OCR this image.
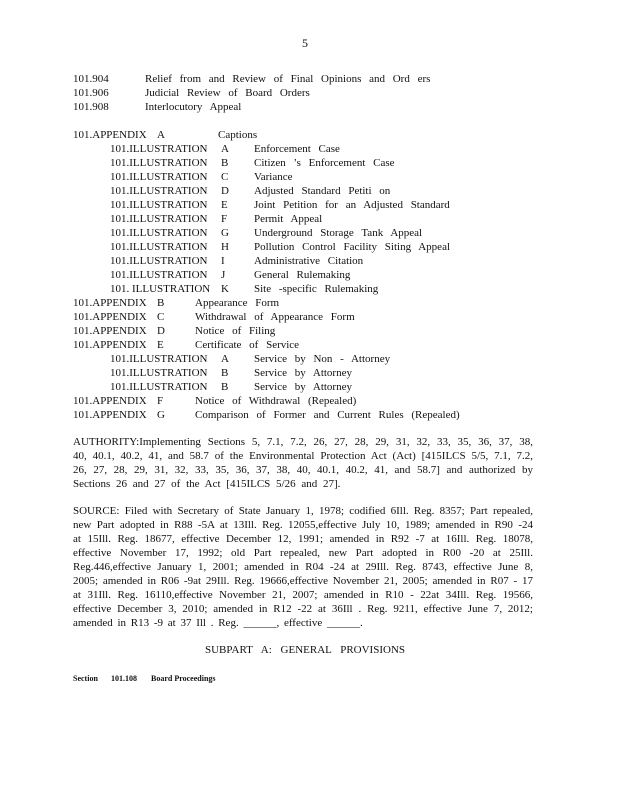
5
101.904	Relief from and Review of Final Opinions and Ord ers
101.906	Judicial Review of Board Orders
101.908	Interlocutory Appeal
101.APPENDIX A	Captions
101.ILLUSTRATION A Enforcement Case
101.ILLUSTRATION B Citizen ’s Enforcement Case
101.ILLUSTRATION C Variance
101.ILLUSTRATION D Adjusted Standard Petiti on
101.ILLUSTRATION E Joint Petition for an Adjusted Standard
101.ILLUSTRATION F Permit Appeal
101.ILLUSTRATION G Underground Storage Tank Appeal
101.ILLUSTRATION H Pollution Control Facility Siting Appeal
101.ILLUSTRATION I	Administrative Citation
101.ILLUSTRATION J	General Rulemaking
101. ILLUSTRATION K Site -specific Rulemaking
101.APPENDIX B	Appearance Form
101.APPENDIX C	Withdrawal of Appearance Form
101.APPENDIX D	Notice of Filing
101.APPENDIX E	Certificate of Service
101.ILLUSTRATION A Service by Non - Attorney
101.ILLUSTRATION B Service by Attorney
101.ILLUSTRATION B Service by Attorney
101.APPENDIX F	Notice of Withdrawal (Repealed)
101.APPENDIX G	Comparison of Former and Current Rules (Repealed)
AUTHORITY:Implementing Sections 5, 7.1, 7.2, 26, 27, 28, 29, 31, 32, 33, 35, 36, 37, 38, 40, 40.1, 40.2, 41, and 58.7 of the Environmental Protection Act (Act) [415ILCS 5/5, 7.1, 7.2, 26, 27, 28, 29, 31, 32, 33, 35, 36, 37, 38, 40, 40.1, 40.2, 41, and 58.7] and authorized by Sections 26 and 27 of the Act [415ILCS 5/26 and 27].
SOURCE: Filed with Secretary of State January 1, 1978; codified 6Ill. Reg. 8357; Part repealed, new Part adopted in R88 -5A at 13Ill. Reg. 12055,effective July 10, 1989; amended in R90 -24 at 15Ill. Reg. 18677, effective December 12, 1991; amended in R92 -7 at 16Ill. Reg. 18078, effective November 17, 1992; old Part repealed, new Part adopted in R00 -20 at 25Ill. Reg.446,effective January 1, 2001; amended in R04 -24 at 29Ill. Reg. 8743, effective June 8, 2005; amended in R06 -9at 29Ill. Reg. 19666,effective November 21, 2005; amended in R07 - 17 at 31Ill. Reg. 16110,effective November 21, 2007; amended in R10 - 22at 34Ill. Reg. 19566, effective December 3, 2010; amended in R12 -22 at 36Ill . Reg. 9211, effective June 7, 2012; amended in R13 -9 at 37 Ill . Reg. ______, effective ______.
SUBPART A: GENERAL PROVISIONS
Section 101.108 Board Proceedings
